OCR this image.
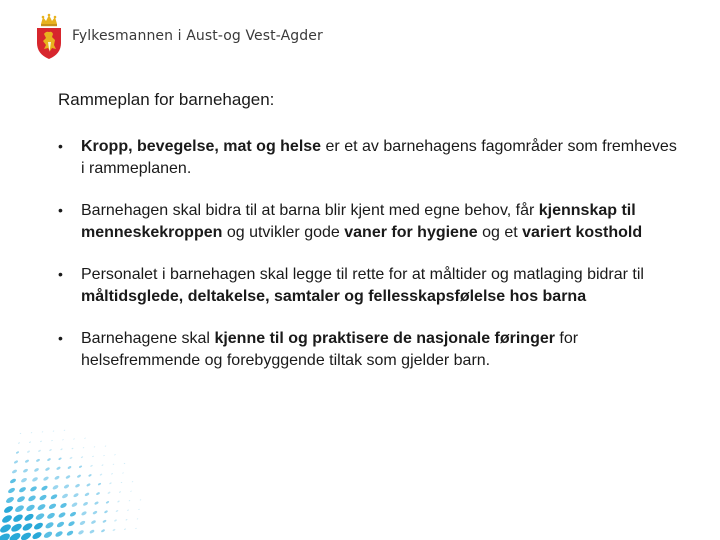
Fylkesmannen i Aust-og Vest-Agder
Rammeplan for barnehagen:
• Kropp, bevegelse, mat og helse er et av barnehagens fagområder som fremheves i rammeplanen.
• Barnehagen skal bidra til at barna blir kjent med egne behov, får kjennskap til menneskekroppen og utvikler gode vaner for hygiene og et variert kosthold
• Personalet i barnehagen skal legge til rette for at måltider og matlaging bidrar til måltidsglede, deltakelse, samtaler og fellesskapsfølelse hos barna
• Barnehagene skal kjenne til og praktisere de nasjonale føringer for helsefremmende og forebyggende tiltak som gjelder barn.
